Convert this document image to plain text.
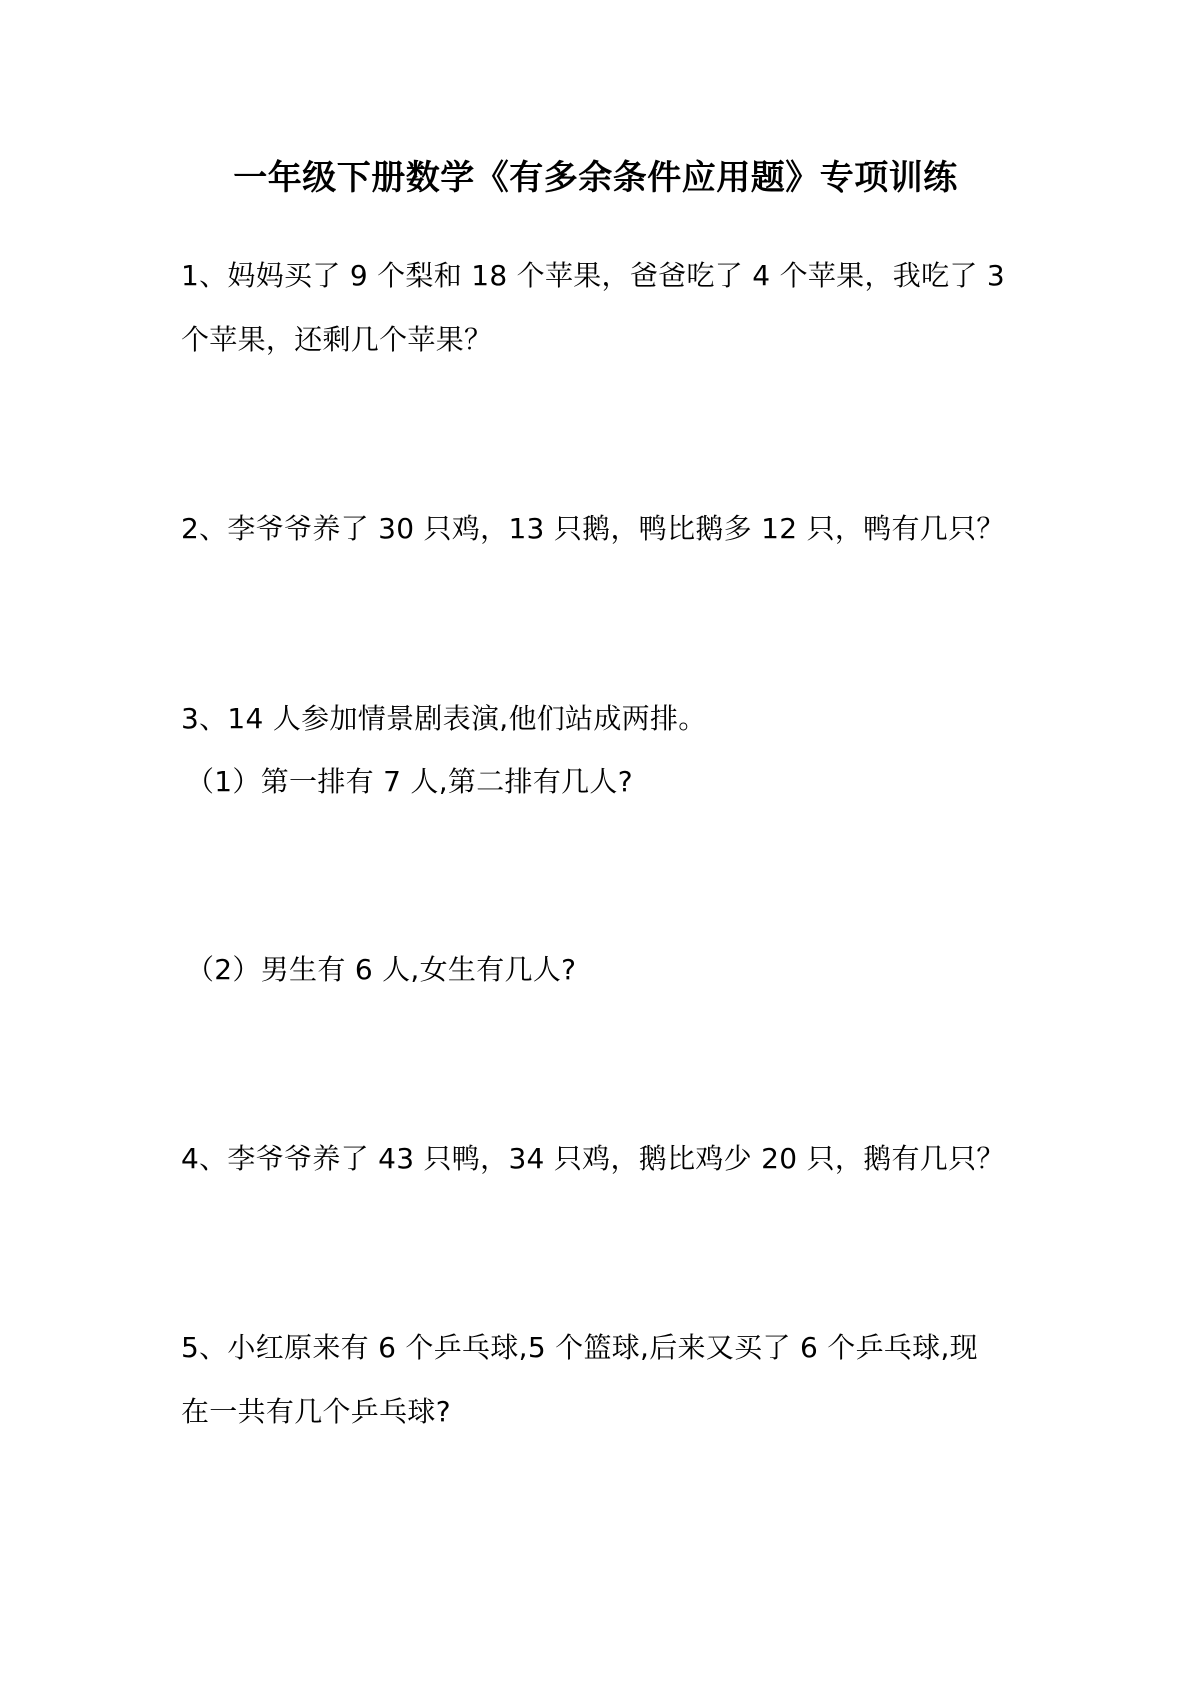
一年级下册数学《有多余条件应用题》专项训练
1、妈妈买了 9 个梨和 18 个苹果，爸爸吃了 4 个苹果，我吃了 3
个苹果，还剩几个苹果？
2、李爷爷养了 30 只鸡，13 只鹅，鸭比鹅多 12 只，鸭有几只？
3、14 人参加情景剧表演,他们站成两排。
（1）第一排有 7 人,第二排有几人?
（2）男生有 6 人,女生有几人?
4、李爷爷养了 43 只鸭，34 只鸡，鹅比鸡少 20 只，鹅有几只？
5、小红原来有 6 个乒乓球,5 个篮球,后来又买了 6 个乒乓球,现
在一共有几个乒乓球?
